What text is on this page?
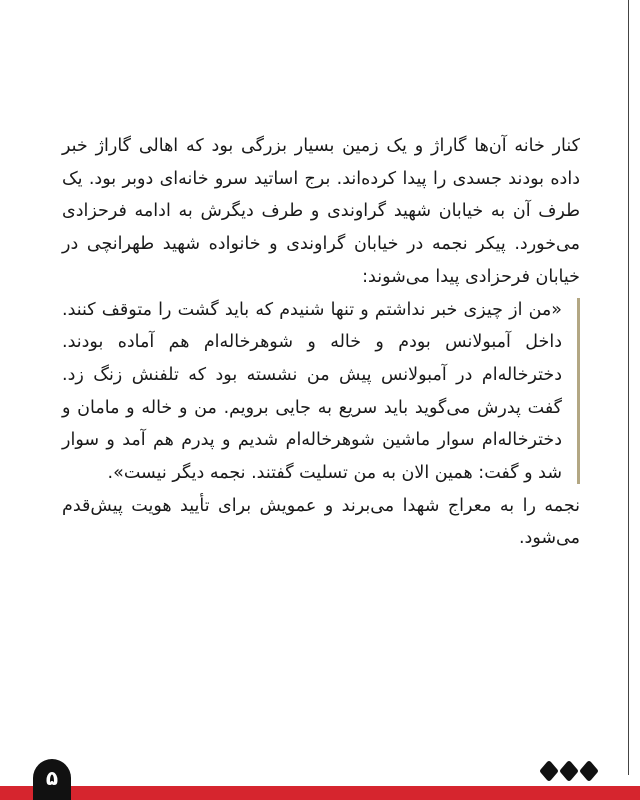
کنار خانه آن‌ها گاراژ و یک زمین بسیار بزرگی بود که اهالی گاراژ خبر داده بودند جسدی را پیدا کرده‌اند. برج اساتید سرو خانه‌ای دوبر بود. یک طرف آن به خیابان شهید گراوندی و طرف دیگرش به ادامه فرحزادی می‌خورد. پیکر نجمه در خیابان گراوندی و خانواده شهید طهرانچی در خیابان فرحزادی پیدا می‌شوند:

«من از چیزی خبر نداشتم و تنها شنیدم که باید گشت را متوقف کنند. داخل آمبولانس بودم و خاله و شوهرخاله‌ام هم آماده بودند. دخترخاله‌ام در آمبولانس پیش من نشسته بود که تلفنش زنگ زد. گفت پدرش می‌گوید باید سریع به جایی برویم. من و خاله و مامان و دخترخاله‌ام سوار ماشین شوهرخاله‌ام شدیم و پدرم هم آمد و سوار شد و گفت: همین الان به من تسلیت گفتند. نجمه دیگر نیست».

نجمه را به معراج شهدا می‌برند و عمویش برای تأیید هویت پیش‌قدم می‌شود.

۵
